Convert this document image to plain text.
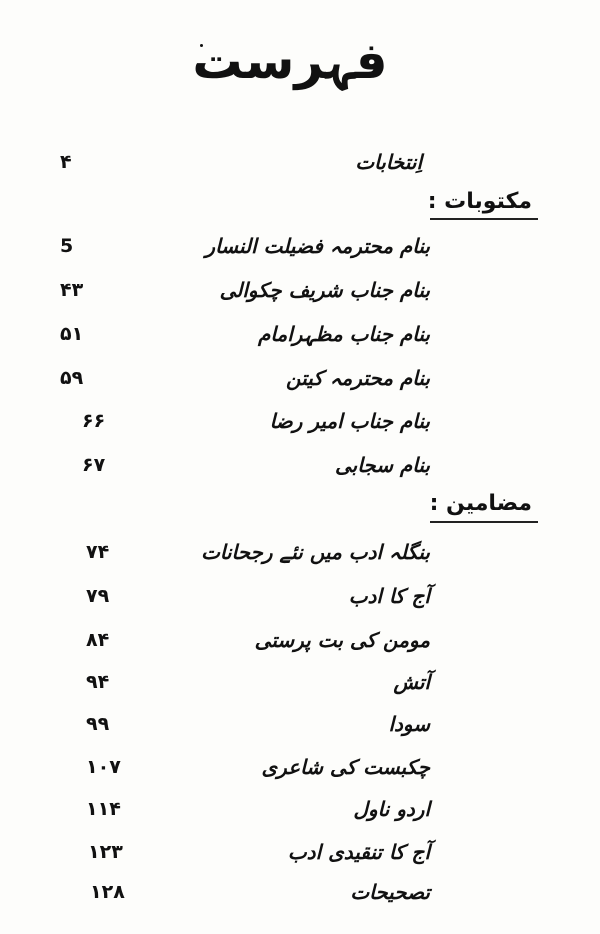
فہرست
اِنتخابات
۴
مکتوبات :
بنام محترمہ فضیلت النسار
5
بنام جناب شریف چکوالی
۴۳
بنام جناب مظہرامام
۵۱
بنام محترمہ کیتن
۵۹
بنام جناب امیر رضا
۶۶
بنام سجابی
۶۷
مضامین :
بنگلہ ادب میں نئے رجحانات
۷۴
آج کا ادب
۷۹
مومن کی بت پرستی
۸۴
آتش
۹۴
سودا
۹۹
چکبست کی شاعری
۱۰۷
اردو ناول
۱۱۴
آج کا تنقیدی ادب
۱۲۳
تصحیحات
۱۲۸
